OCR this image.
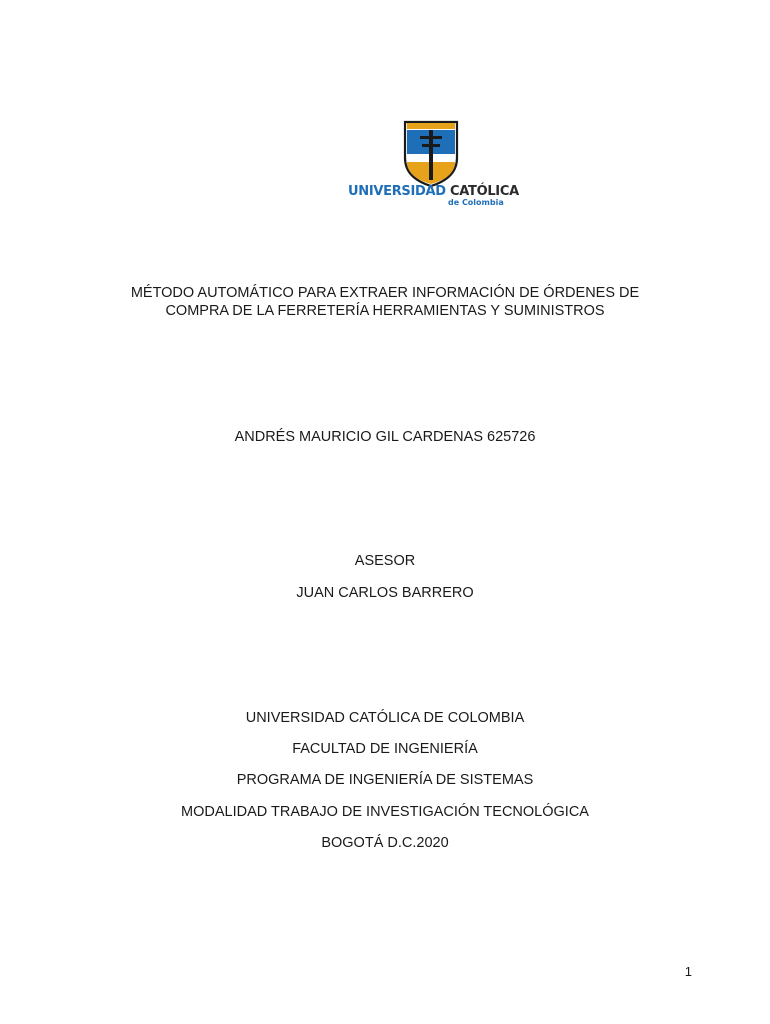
UNIVERSIDAD CATÓLICA
de Colombia
MÉTODO AUTOMÁTICO PARA EXTRAER INFORMACIÓN DE ÓRDENES DE
COMPRA DE LA FERRETERÍA HERRAMIENTAS Y SUMINISTROS
ANDRÉS MAURICIO GIL CARDENAS 625726
ASESOR
JUAN CARLOS BARRERO
UNIVERSIDAD CATÓLICA DE COLOMBIA
FACULTAD DE INGENIERÍA
PROGRAMA DE INGENIERÍA DE SISTEMAS
MODALIDAD TRABAJO DE INVESTIGACIÓN TECNOLÓGICA
BOGOTÁ D.C.2020
1
